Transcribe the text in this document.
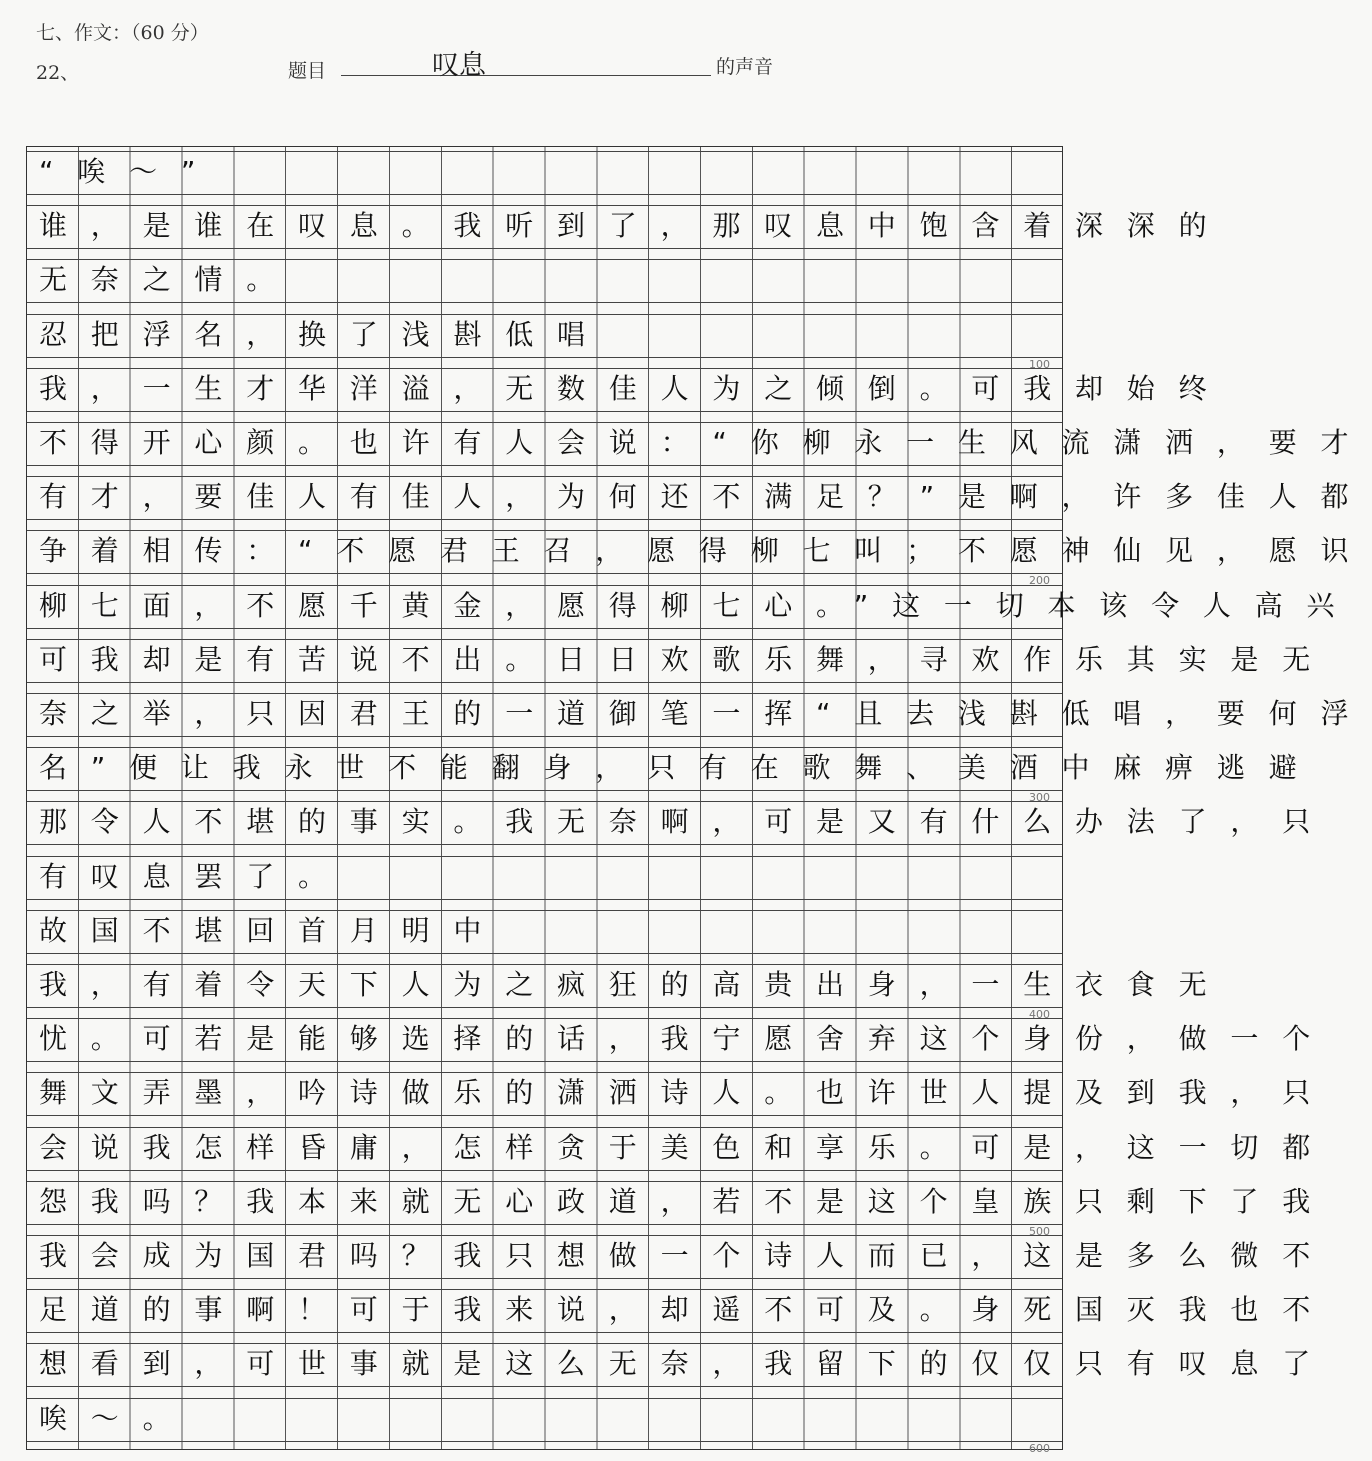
七、作文：（60 分）
22、	题目	叹息	的声音
“唉～”
谁，是谁在叹息。我听到了，那叹息中饱含着深深的
无奈之情。
忍把浮名，换了浅斟低唱
我，一生才华洋溢，无数佳人为之倾倒。可我却始终
不得开心颜。也许有人会说：“你柳永一生风流潇洒，要才
有才，要佳人有佳人，为何还不满足？”是啊，许多佳人都
争着相传：“不愿君王召，愿得柳七叫；不愿神仙见，愿识
柳七面，不愿千黄金，愿得柳七心。”这一切本该令人高兴
可我却是有苦说不出。日日欢歌乐舞，寻欢作乐其实是无
奈之举，只因君王的一道御笔一挥“且去浅斟低唱，要何浮
名”便让我永世不能翻身，只有在歌舞、美酒中麻痹逃避
那令人不堪的事实。我无奈啊，可是又有什么办法了，只
有叹息罢了。
故国不堪回首月明中
我，有着令天下人为之疯狂的高贵出身，一生衣食无
忧。可若是能够选择的话，我宁愿舍弃这个身份，做一个
舞文弄墨，吟诗做乐的潇洒诗人。也许世人提及到我，只
会说我怎样昏庸，怎样贪于美色和享乐。可是，这一切都
怨我吗？我本来就无心政道，若不是这个皇族只剩下了我
我会成为国君吗？我只想做一个诗人而已，这是多么微不
足道的事啊！可于我来说，却遥不可及。身死国灭我也不
想看到，可世事就是这么无奈，我留下的仅仅只有叹息了
唉～。
100
200
300
400
500
600
